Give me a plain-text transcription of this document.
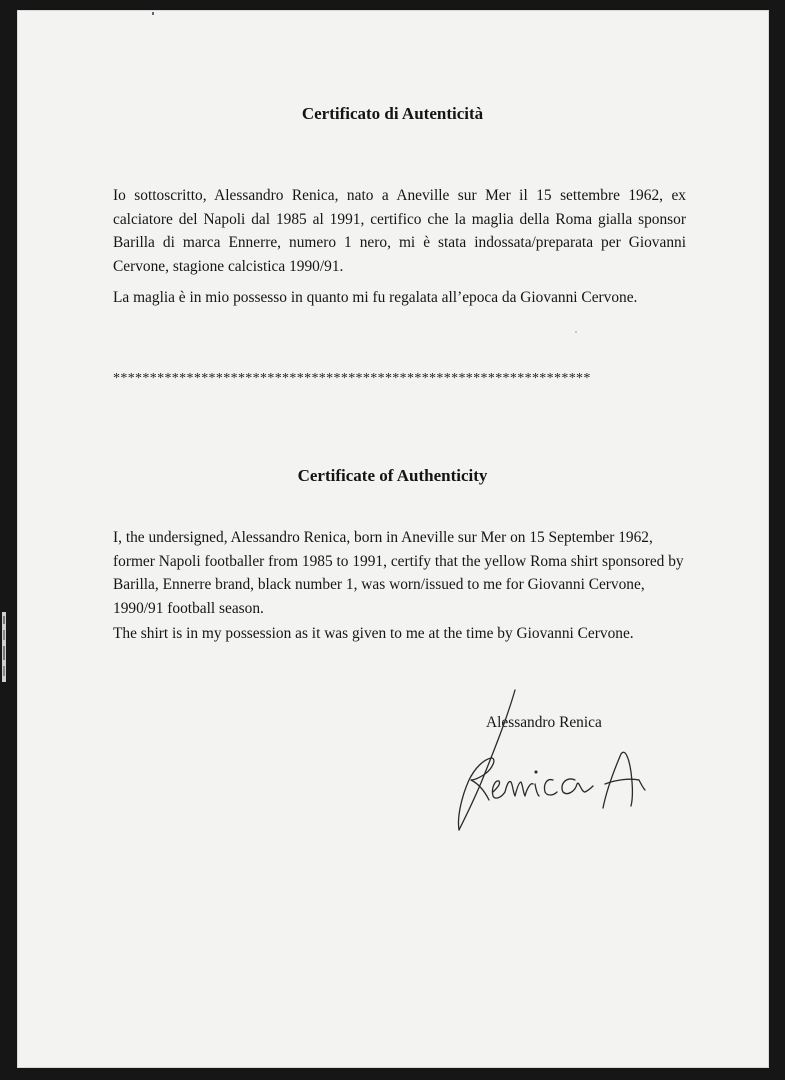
Certificato di Autenticità

Io sottoscritto, Alessandro Renica, nato a Aneville sur Mer il 15 settembre 1962, ex calciatore del Napoli dal 1985 al 1991, certifico che la maglia della Roma gialla sponsor Barilla di marca Ennerre, numero 1 nero, mi è stata indossata/preparata per Giovanni Cervone, stagione calcistica 1990/91.

La maglia è in mio possesso in quanto mi fu regalata all’epoca da Giovanni Cervone.

*****************************************************************
Certificate of Authenticity

I, the undersigned, Alessandro Renica, born in Aneville sur Mer on 15 September 1962, former Napoli footballer from 1985 to 1991, certify that the yellow Roma shirt sponsored by Barilla, Ennerre brand, black number 1, was worn/issued to me for Giovanni Cervone, 1990/91 football season.

The shirt is in my possession as it was given to me at the time by Giovanni Cervone.

Alessandro Renica
